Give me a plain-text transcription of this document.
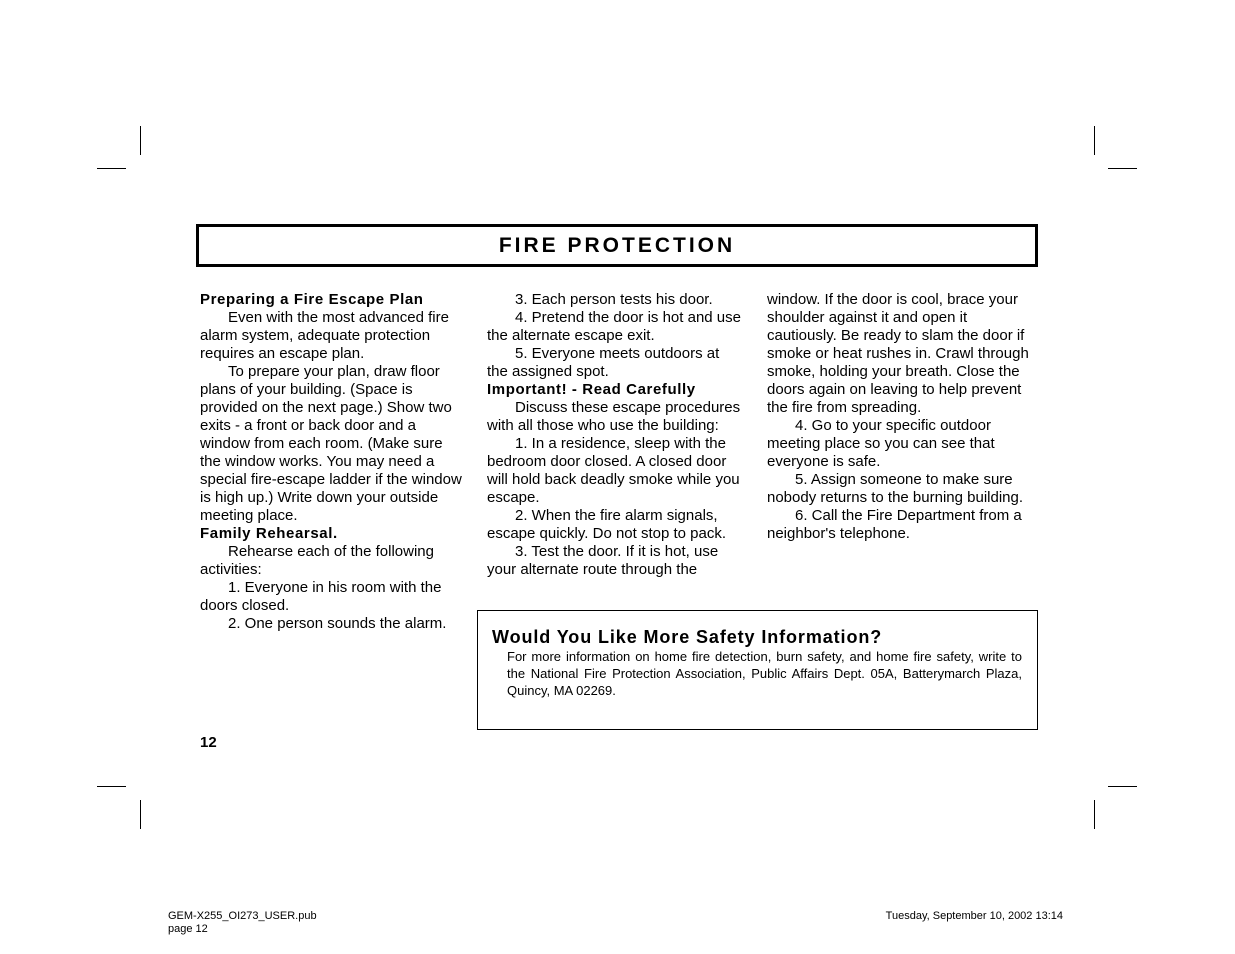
FIRE PROTECTION
Preparing a Fire Escape Plan

Even with the most advanced fire alarm system, adequate protection requires an escape plan.

To prepare your plan, draw floor plans of your building. (Space is provided on the next page.) Show two exits - a front or back door and a window from each room. (Make sure the window works. You may need a special fire-escape ladder if the window is high up.) Write down your outside meeting place.

Family Rehearsal.

Rehearse each of the following activities:

1. Everyone in his room with the doors closed.

2. One person sounds the alarm.

3. Each person tests his door.

4. Pretend the door is hot and use the alternate escape exit.

5. Everyone meets outdoors at the assigned spot.

Important! - Read Carefully

Discuss these escape procedures with all those who use the building:

1. In a residence, sleep with the bedroom door closed. A closed door will hold back deadly smoke while you escape.

2. When the fire alarm signals, escape quickly. Do not stop to pack.

3. Test the door. If it is hot, use your alternate route through the

window. If the door is cool, brace your shoulder against it and open it cautiously. Be ready to slam the door if smoke or heat rushes in. Crawl through smoke, holding your breath. Close the doors again on leaving to help prevent the fire from spreading.

4. Go to your specific outdoor meeting place so you can see that everyone is safe.

5. Assign someone to make sure nobody returns to the burning building.

6. Call the Fire Department from a neighbor's telephone.

Would You Like More Safety Information?

For more information on home fire detection, burn safety, and home fire safety, write to the National Fire Protection Association, Public Affairs Dept. 05A, Batterymarch Plaza, Quincy, MA 02269.

12
GEM-X255_OI273_USER.pub
page 12
Tuesday, September 10, 2002 13:14
